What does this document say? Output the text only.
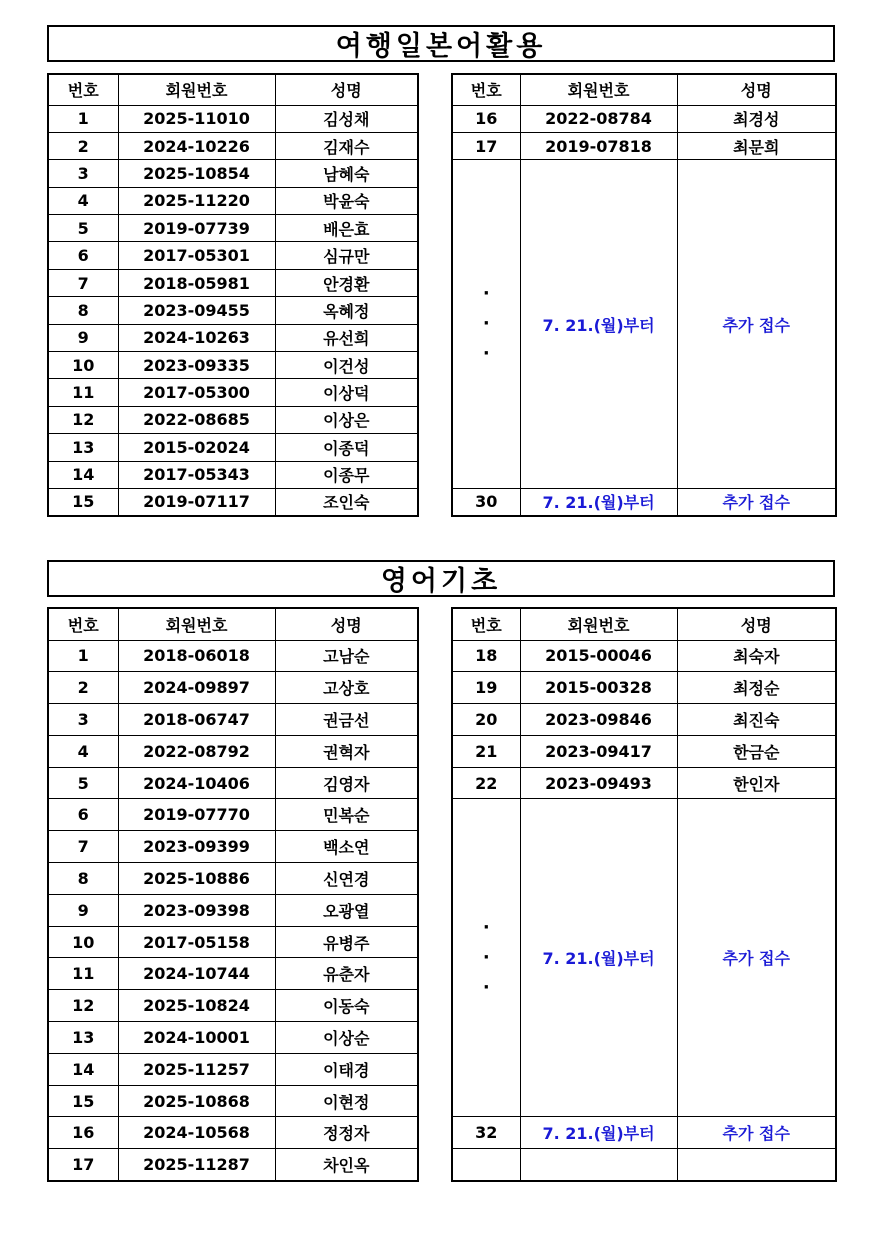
여행일본어활용
번호	회원번호	성명
1	2025-11010	김성채
2	2024-10226	김재수
3	2025-10854	남혜숙
4	2025-11220	박윤숙
5	2019-07739	배은효
6	2017-05301	심규만
7	2018-05981	안경환
8	2023-09455	옥혜정
9	2024-10263	유선희
10	2023-09335	이건성
11	2017-05300	이상덕
12	2022-08685	이상은
13	2015-02024	이종덕
14	2017-05343	이종무
15	2019-07117	조인숙
번호	회원번호	성명
16	2022-08784	최경성
17	2019-07818	최문희

·
·
·	7. 21.(월)부터	추가 접수

30	7. 21.(월)부터	추가 접수
영어기초
번호	회원번호	성명
1	2018-06018	고남순
2	2024-09897	고상호
3	2018-06747	권금선
4	2022-08792	권혁자
5	2024-10406	김영자
6	2019-07770	민복순
7	2023-09399	백소연
8	2025-10886	신연경
9	2023-09398	오광열
10	2017-05158	유병주
11	2024-10744	유춘자
12	2025-10824	이동숙
13	2024-10001	이상순
14	2025-11257	이태경
15	2025-10868	이현정
16	2024-10568	정정자
17	2025-11287	차인옥
번호	회원번호	성명
18	2015-00046	최숙자
19	2015-00328	최정순
20	2023-09846	최진숙
21	2023-09417	한금순
22	2023-09493	한인자

·
·
·	7. 21.(월)부터	추가 접수

32	7. 21.(월)부터	추가 접수
